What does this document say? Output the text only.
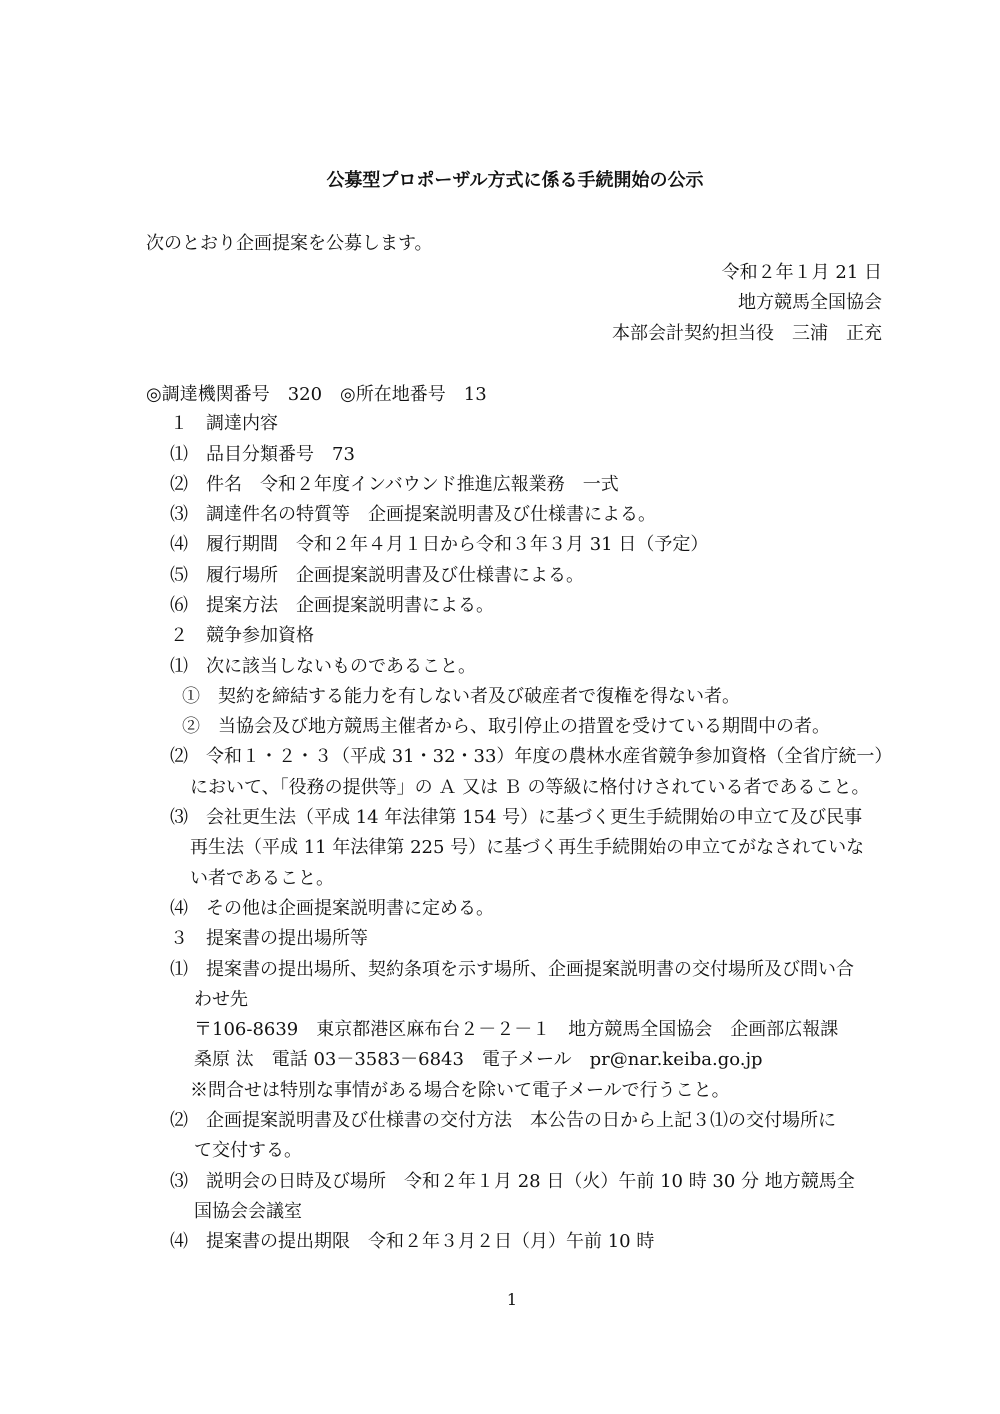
公募型プロポーザル方式に係る手続開始の公示

次のとおり企画提案を公募します。

令和２年１月 21 日

地方競馬全国協会

本部会計契約担当役　三浦　正充

◎調達機関番号　320　◎所在地番号　13

１　調達内容

⑴　品目分類番号　73

⑵　件名　令和２年度インバウンド推進広報業務　一式

⑶　調達件名の特質等　企画提案説明書及び仕様書による。

⑷　履行期間　令和２年４月１日から令和３年３月 31 日（予定）

⑸　履行場所　企画提案説明書及び仕様書による。

⑹　提案方法　企画提案説明書による。

２　競争参加資格

⑴　次に該当しないものであること。

①　契約を締結する能力を有しない者及び破産者で復権を得ない者。

②　当協会及び地方競馬主催者から、取引停止の措置を受けている期間中の者。

⑵　令和１・２・３（平成 31・32・33）年度の農林水産省競争参加資格（全省庁統一）

において、「役務の提供等」の Ａ 又は Ｂ の等級に格付けされている者であること。

⑶　会社更生法（平成 14 年法律第 154 号）に基づく更生手続開始の申立て及び民事

再生法（平成 11 年法律第 225 号）に基づく再生手続開始の申立てがなされていな

い者であること。

⑷　その他は企画提案説明書に定める。

３　提案書の提出場所等

⑴　提案書の提出場所、契約条項を示す場所、企画提案説明書の交付場所及び問い合

わせ先

〒106-8639　東京都港区麻布台２－２－１　地方競馬全国協会　企画部広報課

桑原 汰　電話 03－3583－6843　電子メール　pr@nar.keiba.go.jp

※問合せは特別な事情がある場合を除いて電子メールで行うこと。

⑵　企画提案説明書及び仕様書の交付方法　本公告の日から上記３⑴の交付場所に

て交付する。

⑶　説明会の日時及び場所　令和２年１月 28 日（火）午前 10 時 30 分 地方競馬全

国協会会議室

⑷　提案書の提出期限　令和２年３月２日（月）午前 10 時

1
